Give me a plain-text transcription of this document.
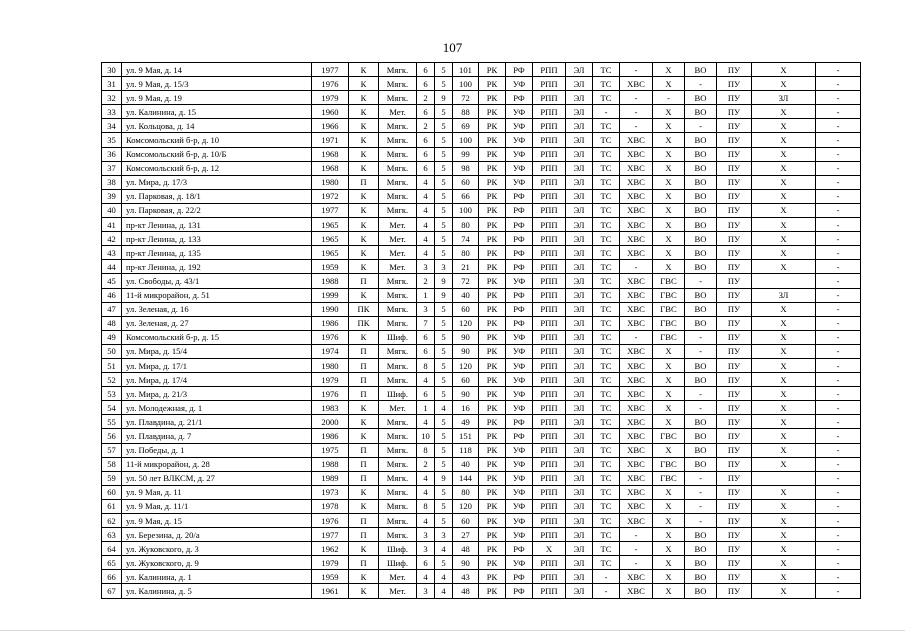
107
30	ул. 9 Мая, д. 14	1977	К	Мягк.	6	5	101	РК	РФ	РПП	ЭЛ	ТС	-	Х	ВО	ПУ	Х	-
31	ул. 9 Мая, д. 15/3	1976	К	Мягк.	6	5	100	РК	УФ	РПП	ЭЛ	ТС	ХВС	Х	-	ПУ	Х	-
32	ул. 9 Мая, д. 19	1979	К	Мягк.	2	9	72	РК	РФ	РПП	ЭЛ	ТС	-	-	ВО	ПУ	ЗЛ	-
33	ул. Калинина, д. 15	1960	К	Мет.	6	5	88	РК	УФ	РПП	ЭЛ	-	-	Х	ВО	ПУ	Х	-
34	ул. Кольцова, д. 14	1966	К	Мягк.	2	5	69	РК	УФ	РПП	ЭЛ	ТС	-	Х	-	ПУ	Х	-
35	Комсомольский б-р, д. 10	1971	К	Мягк.	6	5	100	РК	УФ	РПП	ЭЛ	ТС	ХВС	Х	ВО	ПУ	Х	-
36	Комсомольский б-р, д. 10/Б	1968	К	Мягк.	6	5	99	РК	УФ	РПП	ЭЛ	ТС	ХВС	Х	ВО	ПУ	Х	-
37	Комсомольский б-р, д. 12	1968	К	Мягк.	6	5	98	РК	УФ	РПП	ЭЛ	ТС	ХВС	Х	ВО	ПУ	Х	-
38	ул. Мира, д. 17/3	1980	П	Мягк.	4	5	60	РК	УФ	РПП	ЭЛ	ТС	ХВС	Х	ВО	ПУ	Х	-
39	ул. Парковая, д. 18/1	1972	К	Мягк.	4	5	66	РК	РФ	РПП	ЭЛ	ТС	ХВС	Х	ВО	ПУ	Х	-
40	ул. Парковая, д. 22/2	1977	К	Мягк.	4	5	100	РК	РФ	РПП	ЭЛ	ТС	ХВС	Х	ВО	ПУ	Х	-
41	пр-кт Ленина, д. 131	1965	К	Мет.	4	5	80	РК	РФ	РПП	ЭЛ	ТС	ХВС	Х	ВО	ПУ	Х	-
42	пр-кт Ленина, д. 133	1965	К	Мет.	4	5	74	РК	РФ	РПП	ЭЛ	ТС	ХВС	Х	ВО	ПУ	Х	-
43	пр-кт Ленина, д. 135	1965	К	Мет.	4	5	80	РК	РФ	РПП	ЭЛ	ТС	ХВС	Х	ВО	ПУ	Х	-
44	пр-кт Ленина, д. 192	1959	К	Мет.	3	3	21	РК	РФ	РПП	ЭЛ	ТС	-	Х	ВО	ПУ	Х	-
45	ул. Свободы, д. 43/1	1988	П	Мягк.	2	9	72	РК	УФ	РПП	ЭЛ	ТС	ХВС	ГВС	-	ПУ		-
46	11-й микрорайон, д. 51	1999	К	Мягк.	1	9	40	РК	РФ	РПП	ЭЛ	ТС	ХВС	ГВС	ВО	ПУ	ЗЛ	-
47	ул. Зеленая, д. 16	1990	ПК	Мягк.	3	5	60	РК	РФ	РПП	ЭЛ	ТС	ХВС	ГВС	ВО	ПУ	Х	-
48	ул. Зеленая, д. 27	1986	ПК	Мягк.	7	5	120	РК	РФ	РПП	ЭЛ	ТС	ХВС	ГВС	ВО	ПУ	Х	-
49	Комсомольский б-р, д. 15	1976	К	Шиф.	6	5	90	РК	УФ	РПП	ЭЛ	ТС	-	ГВС	-	ПУ	Х	-
50	ул. Мира, д. 15/4	1974	П	Мягк.	6	5	90	РК	УФ	РПП	ЭЛ	ТС	ХВС	Х	-	ПУ	Х	-
51	ул. Мира, д. 17/1	1980	П	Мягк.	8	5	120	РК	УФ	РПП	ЭЛ	ТС	ХВС	Х	ВО	ПУ	Х	-
52	ул. Мира, д. 17/4	1979	П	Мягк.	4	5	60	РК	УФ	РПП	ЭЛ	ТС	ХВС	Х	ВО	ПУ	Х	-
53	ул. Мира, д. 21/3	1976	П	Шиф.	6	5	90	РК	УФ	РПП	ЭЛ	ТС	ХВС	Х	-	ПУ	Х	-
54	ул. Молодежная, д. 1	1983	К	Мет.	1	4	16	РК	УФ	РПП	ЭЛ	ТС	ХВС	Х	-	ПУ	Х	-
55	ул. Плавдина, д. 21/1	2000	К	Мягк.	4	5	49	РК	РФ	РПП	ЭЛ	ТС	ХВС	Х	ВО	ПУ	Х	-
56	ул. Плавдина, д. 7	1986	К	Мягк.	10	5	151	РК	РФ	РПП	ЭЛ	ТС	ХВС	ГВС	ВО	ПУ	Х	-
57	ул. Победы, д. 1	1975	П	Мягк.	8	5	118	РК	УФ	РПП	ЭЛ	ТС	ХВС	Х	ВО	ПУ	Х	-
58	11-й микрорайон, д. 28	1988	П	Мягк.	2	5	40	РК	УФ	РПП	ЭЛ	ТС	ХВС	ГВС	ВО	ПУ	Х	-
59	ул. 50 лет ВЛКСМ, д. 27	1989	П	Мягк.	4	9	144	РК	УФ	РПП	ЭЛ	ТС	ХВС	ГВС	-	ПУ		-
60	ул. 9 Мая, д. 11	1973	К	Мягк.	4	5	80	РК	УФ	РПП	ЭЛ	ТС	ХВС	Х	-	ПУ	Х	-
61	ул. 9 Мая, д. 11/1	1978	К	Мягк.	8	5	120	РК	УФ	РПП	ЭЛ	ТС	ХВС	Х	-	ПУ	Х	-
62	ул. 9 Мая, д. 15	1976	П	Мягк.	4	5	60	РК	УФ	РПП	ЭЛ	ТС	ХВС	Х	-	ПУ	Х	-
63	ул. Березина, д. 20/а	1977	П	Мягк.	3	3	27	РК	УФ	РПП	ЭЛ	ТС	-	Х	ВО	ПУ	Х	-
64	ул. Жуковского, д. 3	1962	К	Шиф.	3	4	48	РК	РФ	Х	ЭЛ	ТС	-	Х	ВО	ПУ	Х	-
65	ул. Жуковского, д. 9	1979	П	Шиф.	6	5	90	РК	УФ	РПП	ЭЛ	ТС	-	Х	ВО	ПУ	Х	-
66	ул. Калинина, д. 1	1959	К	Мет.	4	4	43	РК	РФ	РПП	ЭЛ	-	ХВС	Х	ВО	ПУ	Х	-
67	ул. Калинина, д. 5	1961	К	Мет.	3	4	48	РК	РФ	РПП	ЭЛ	-	ХВС	Х	ВО	ПУ	Х	-
